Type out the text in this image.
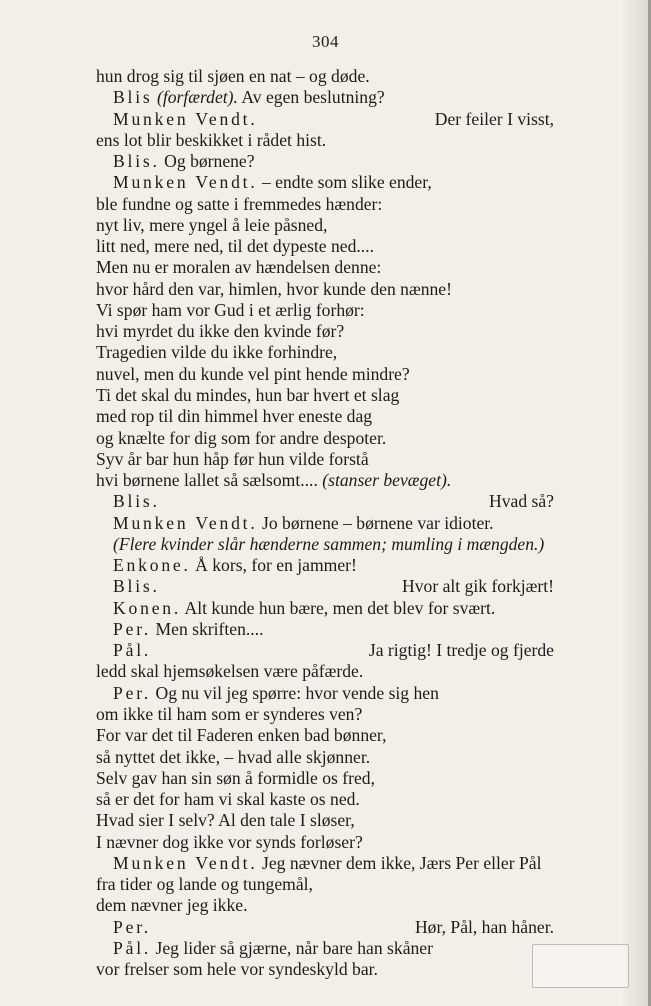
304
hun drog sig til sjøen en nat – og døde.
Blis (forfærdet). Av egen beslutning?
Munken Vendt.	Der feiler I visst,
ens lot blir beskikket i rådet hist.
Blis. Og børnene?
Munken Vendt. – endte som slike ender,
ble fundne og satte i fremmedes hænder:
nyt liv, mere yngel å leie påsned,
litt ned, mere ned, til det dypeste ned....
Men nu er moralen av hændelsen denne:
hvor hård den var, himlen, hvor kunde den nænne!
Vi spør ham vor Gud i et ærlig forhør:
hvi myrdet du ikke den kvinde før?
Tragedien vilde du ikke forhindre,
nuvel, men du kunde vel pint hende mindre?
Ti det skal du mindes, hun bar hvert et slag
med rop til din himmel hver eneste dag
og knælte for dig som for andre despoter.
Syv år bar hun håp før hun vilde forstå
hvi børnene lallet så sælsomt.... (stanser bevæget).
Blis.	Hvad så?
Munken Vendt. Jo børnene – børnene var idioter.
(Flere kvinder slår hænderne sammen; mumling i mængden.)
Enkone. Å kors, for en jammer!
Blis.	Hvor alt gik forkjært!
Konen. Alt kunde hun bære, men det blev for svært.
Per. Men skriften....
Pål.	Ja rigtig! I tredje og fjerde
ledd skal hjemsøkelsen være påfærde.
Per. Og nu vil jeg spørre: hvor vende sig hen
om ikke til ham som er synderes ven?
For var det til Faderen enken bad bønner,
så nyttet det ikke, – hvad alle skjønner.
Selv gav han sin søn å formidle os fred,
så er det for ham vi skal kaste os ned.
Hvad sier I selv? Al den tale I sløser,
I nævner dog ikke vor synds forløser?
Munken Vendt. Jeg nævner dem ikke, Jærs Per eller Pål
fra tider og lande og tungemål,
dem nævner jeg ikke.
Per.	Hør, Pål, han håner.
Pål. Jeg lider så gjærne, når bare han skåner
vor frelser som hele vor syndeskyld bar.
